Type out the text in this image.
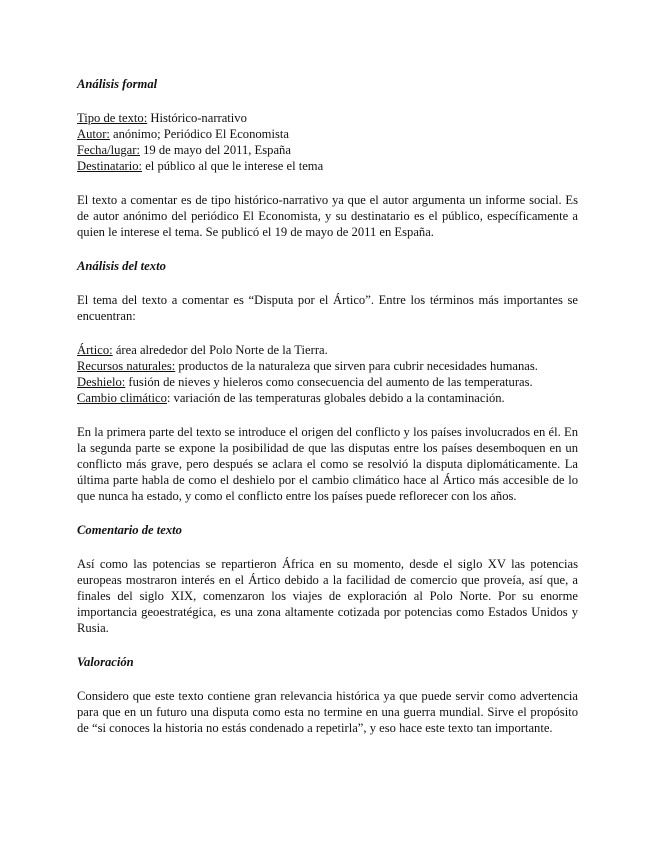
Análisis formal
Tipo de texto: Histórico-narrativo
Autor: anónimo; Periódico El Economista
Fecha/lugar: 19 de mayo del 2011, España
Destinatario: el público al que le interese el tema

El texto a comentar es de tipo histórico-narrativo ya que el autor argumenta un informe social. Es de autor anónimo del periódico El Economista, y su destinatario es el público, específicamente a quien le interese el tema. Se publicó el 19 de mayo de 2011 en España.

Análisis del texto

El tema del texto a comentar es “Disputa por el Ártico”. Entre los términos más importantes se encuentran:

Ártico: área alrededor del Polo Norte de la Tierra.
Recursos naturales: productos de la naturaleza que sirven para cubrir necesidades humanas.
Deshielo: fusión de nieves y hieleros como consecuencia del aumento de las temperaturas.
Cambio climático: variación de las temperaturas globales debido a la contaminación.

En la primera parte del texto se introduce el origen del conflicto y los países involucrados en él. En la segunda parte se expone la posibilidad de que las disputas entre los países desemboquen en un conflicto más grave, pero después se aclara el como se resolvió la disputa diplomáticamente. La última parte habla de como el deshielo por el cambio climático hace al Ártico más accesible de lo que nunca ha estado, y como el conflicto entre los países puede reflorecer con los años.

Comentario de texto

Así como las potencias se repartieron África en su momento, desde el siglo XV las potencias europeas mostraron interés en el Ártico debido a la facilidad de comercio que proveía, así que, a finales del siglo XIX, comenzaron los viajes de exploración al Polo Norte. Por su enorme importancia geoestratégica, es una zona altamente cotizada por potencias como Estados Unidos y Rusia.

Valoración

Considero que este texto contiene gran relevancia histórica ya que puede servir como advertencia para que en un futuro una disputa como esta no termine en una guerra mundial. Sirve el propósito de “si conoces la historia no estás condenado a repetirla”, y eso hace este texto tan importante.
